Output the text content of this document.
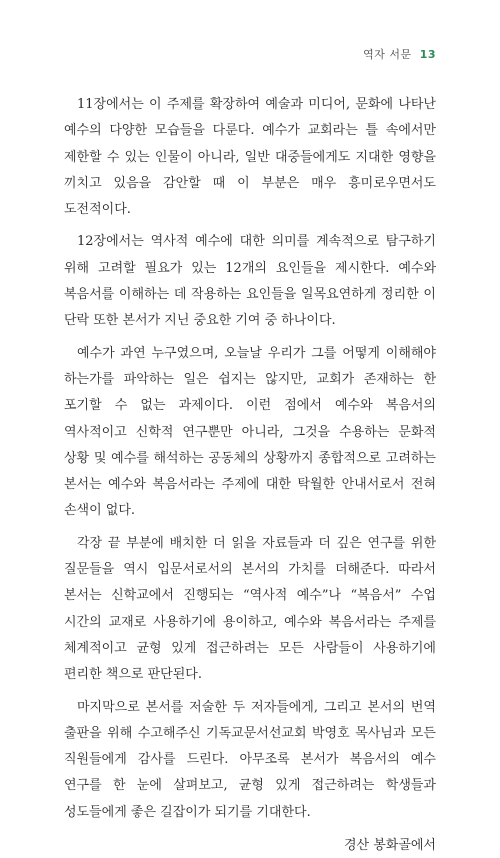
역자 서문 13

11장에서는 이 주제를 확장하여 예술과 미디어, 문화에 나타난 예수의 다양한 모습들을 다룬다. 예수가 교회라는 틀 속에서만 제한할 수 있는 인물이 아니라, 일반 대중들에게도 지대한 영향을 끼치고 있음을 감안할 때 이 부분은 매우 흥미로우면서도 도전적이다.

12장에서는 역사적 예수에 대한 의미를 계속적으로 탐구하기 위해 고려할 필요가 있는 12개의 요인들을 제시한다. 예수와 복음서를 이해하는 데 작용하는 요인들을 일목요연하게 정리한 이 단락 또한 본서가 지닌 중요한 기여 중 하나이다.

예수가 과연 누구였으며, 오늘날 우리가 그를 어떻게 이해해야 하는가를 파악하는 일은 쉽지는 않지만, 교회가 존재하는 한 포기할 수 없는 과제이다. 이런 점에서 예수와 복음서의 역사적이고 신학적 연구뿐만 아니라, 그것을 수용하는 문화적 상황 및 예수를 해석하는 공동체의 상황까지 종합적으로 고려하는 본서는 예수와 복음서라는 주제에 대한 탁월한 안내서로서 전혀 손색이 없다.

각장 끝 부분에 배치한 더 읽을 자료들과 더 깊은 연구를 위한 질문들을 역시 입문서로서의 본서의 가치를 더해준다. 따라서 본서는 신학교에서 진행되는 “역사적 예수”나 “복음서” 수업 시간의 교재로 사용하기에 용이하고, 예수와 복음서라는 주제를 체계적이고 균형 있게 접근하려는 모든 사람들이 사용하기에 편리한 책으로 판단된다.

마지막으로 본서를 저술한 두 저자들에게, 그리고 본서의 번역 출판을 위해 수고해주신 기독교문서선교회 박영호 목사님과 모든 직원들에게 감사를 드린다. 아무조록 본서가 복음서의 예수 연구를 한 눈에 살펴보고, 균형 있게 접근하려는 학생들과 성도들에게 좋은 길잡이가 되기를 기대한다.

경산 봉화골에서
